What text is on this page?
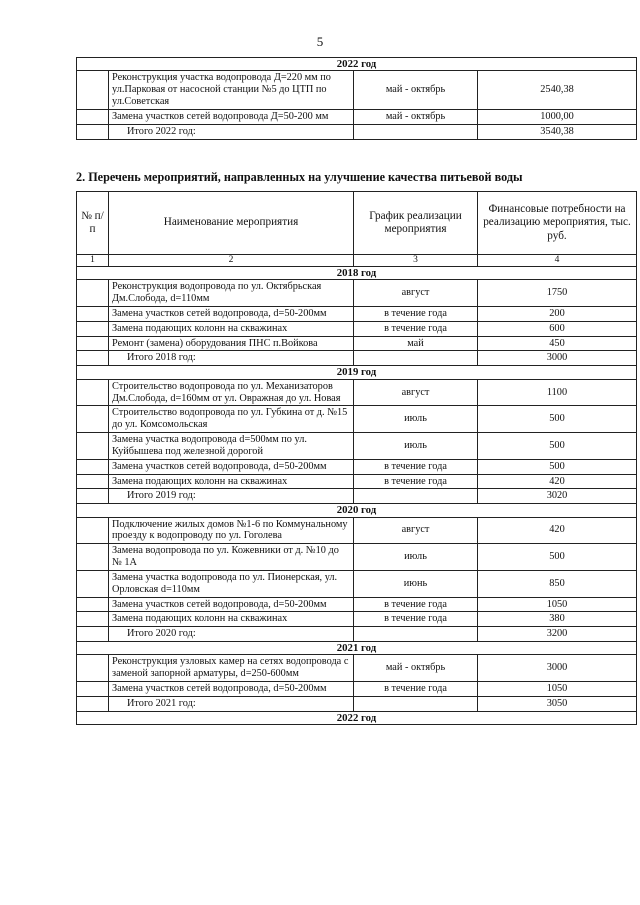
5
2022 год			
	Реконструкция участка водопровода Д=220 мм по ул.Парковая от насосной станции №5 до ЦТП по ул.Советская	май - октябрь	2540,38
	Замена участков сетей водопровода Д=50-200 мм	май - октябрь	1000,00
	Итого 2022 год:		3540,38
2. Перечень мероприятий, направленных на улучшение качества питьевой воды
№ п/п	Наименование мероприятия	График реализации мероприятия	Финансовые потребности на реализацию мероприятия, тыс. руб.
1	2	3	4
2018 год			
	Реконструкция водопровода по ул. Октябрьская Дм.Слобода, d=110мм	август	1750
	Замена участков сетей водопровода, d=50-200мм	в течение года	200
	Замена подающих колонн на скважинах	в течение года	600
	Ремонт (замена) оборудования ПНС п.Войкова	май	450
	Итого 2018 год:		3000
2019 год			
	Строительство водопровода по ул. Механизаторов Дм.Слобода, d=160мм от ул. Овражная до ул. Новая	август	1100
	Строительство водопровода по ул. Губкина от д. №15 до ул. Комсомольская	июль	500
	Замена участка водопровода d=500мм по ул. Куйбышева под железной дорогой	июль	500
	Замена участков сетей водопровода, d=50-200мм	в течение года	500
	Замена подающих колонн на скважинах	в течение года	420
	Итого 2019 год:		3020
2020 год			
	Подключение жилых домов №1-6 по Коммунальному проезду к водопроводу по ул. Гоголева	август	420
	Замена водопровода по ул. Кожевники от д. №10 до № 1А	июль	500
	Замена участка водопровода по ул. Пионерская, ул. Орловская d=110мм	июнь	850
	Замена участков сетей водопровода, d=50-200мм	в течение года	1050
	Замена подающих колонн на скважинах	в течение года	380
	Итого 2020 год:		3200
2021 год			
	Реконструкция узловых камер на сетях водопровода с заменой запорной арматуры, d=250-600мм	май - октябрь	3000
	Замена участков сетей водопровода, d=50-200мм	в течение года	1050
	Итого 2021 год:		3050
2022 год			
